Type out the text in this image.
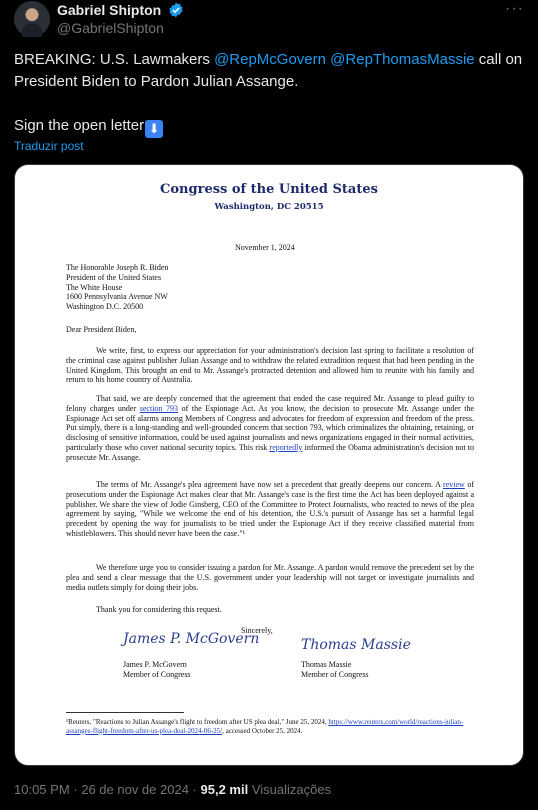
Gabriel Shipton
@GabrielShipton
···
BREAKING: U.S. Lawmakers @RepMcGovern @RepThomasMassie call on President Biden to Pardon Julian Assange.

Sign the open letter ⬇
Traduzir post
Congress of the United States
Washington, DC 20515
November 1, 2024
The Honorable Joseph R. Biden
President of the United States
The White House
1600 Pennsylvania Avenue NW
Washington D.C. 20500
Dear President Biden,
We write, first, to express our appreciation for your administration's decision last spring to facilitate a resolution of the criminal case against publisher Julian Assange and to withdraw the related extradition request that had been pending in the United Kingdom. This brought an end to Mr. Assange's protracted detention and allowed him to reunite with his family and return to his home country of Australia.
That said, we are deeply concerned that the agreement that ended the case required Mr. Assange to plead guilty to felony charges under section 793 of the Espionage Act. As you know, the decision to prosecute Mr. Assange under the Espionage Act set off alarms among Members of Congress and advocates for freedom of expression and freedom of the press. Put simply, there is a long-standing and well-grounded concern that section 793, which criminalizes the obtaining, retaining, or disclosing of sensitive information, could be used against journalists and news organizations engaged in their normal activities, particularly those who cover national security topics. This risk reportedly informed the Obama administration's decision not to prosecute Mr. Assange.
The terms of Mr. Assange's plea agreement have now set a precedent that greatly deepens our concern. A review of prosecutions under the Espionage Act makes clear that Mr. Assange's case is the first time the Act has been deployed against a publisher. We share the view of Jodie Ginsberg, CEO of the Committee to Protect Journalists, who reacted to news of the plea agreement by saying, "While we welcome the end of his detention, the U.S.'s pursuit of Assange has set a harmful legal precedent by opening the way for journalists to be tried under the Espionage Act if they receive classified material from whistleblowers. This should never have been the case."¹
We therefore urge you to consider issuing a pardon for Mr. Assange. A pardon would remove the precedent set by the plea and send a clear message that the U.S. government under your leadership will not target or investigate journalists and media outlets simply for doing their jobs.
Thank you for considering this request.
Sincerely,
James P. McGovern	Thomas Massie
James P. McGovern
Member of Congress
Thomas Massie
Member of Congress
¹Reuters, "Reactions to Julian Assange's flight to freedom after US plea deal," June 25, 2024, https://www.reuters.com/world/reactions-julian-assanges-flight-freedom-after-us-plea-deal-2024-06-25/, accessed October 25, 2024.
10:05 PM · 26 de nov de 2024 · 95,2 mil Visualizações
